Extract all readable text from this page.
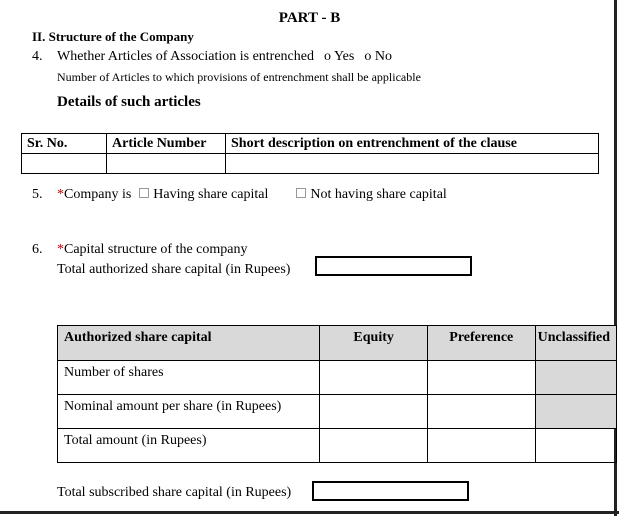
PART - B
II. Structure of the Company
4. Whether Articles of Association is entrenched o Yes o No
Number of Articles to which provisions of entrenchment shall be applicable
Details of such articles
Sr. No.	Article Number	Short description on entrenchment of the clause

5. *Company is Having share capital	Not having share capital
6. *Capital structure of the company
Total authorized share capital (in Rupees)
Authorized share capital	Equity	Preference	Unclassified
Number of shares			
Nominal amount per share (in Rupees)			
Total amount (in Rupees)			
Total subscribed share capital (in Rupees)
